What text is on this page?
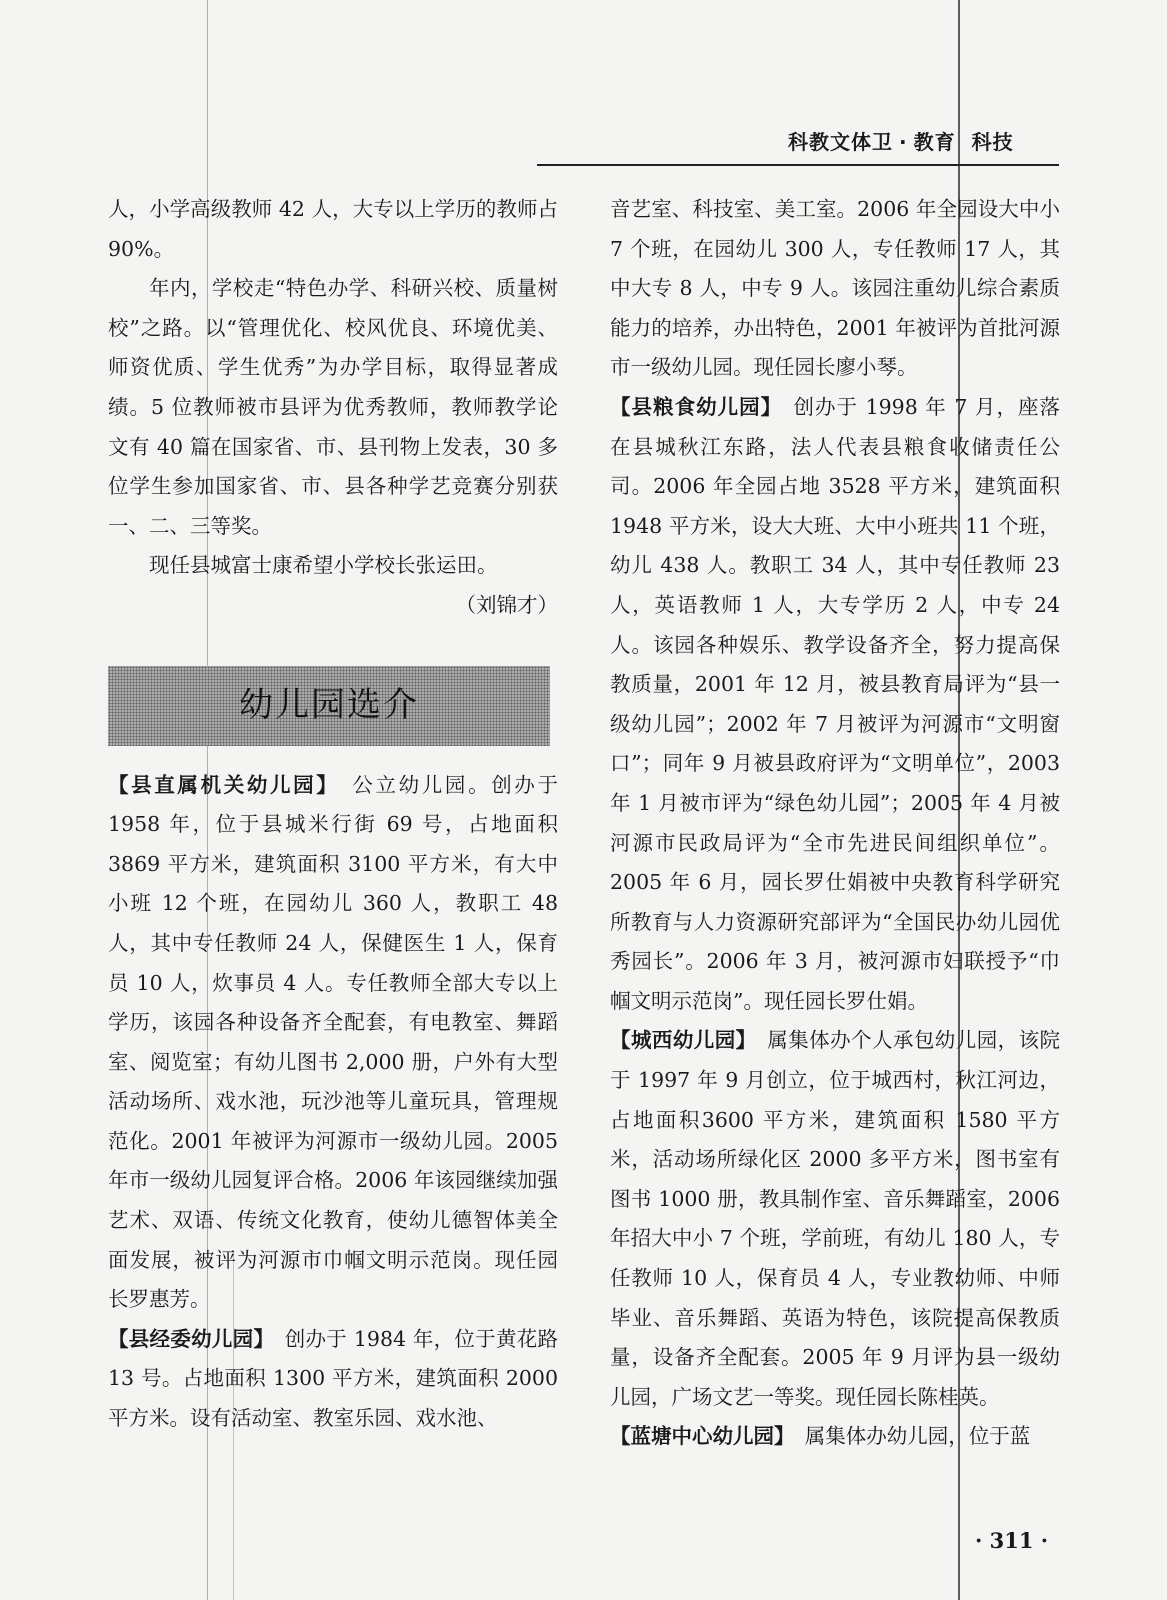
科教文体卫 · 教育 科技

人，小学高级教师 42 人，大专以上学历的教师占 90%。

年内，学校走“特色办学、科研兴校、质量树校”之路。以“管理优化、校风优良、环境优美、师资优质、学生优秀”为办学目标，取得显著成绩。5 位教师被市县评为优秀教师，教师教学论文有 40 篇在国家省、市、县刊物上发表，30 多位学生参加国家省、市、县各种学艺竞赛分别获一、二、三等奖。

现任县城富士康希望小学校长张运田。

（刘锦才）

幼儿园选介

【县直属机关幼儿园】　公立幼儿园。创办于 1958 年，位于县城米行街 69 号，占地面积3869 平方米，建筑面积 3100 平方米，有大中小班 12 个班，在园幼儿 360 人，教职工 48 人，其中专任教师 24 人，保健医生 1 人，保育员 10 人，炊事员 4 人。专任教师全部大专以上学历，该园各种设备齐全配套，有电教室、舞蹈室、阅览室；有幼儿图书 2,000 册，户外有大型活动场所、戏水池，玩沙池等儿童玩具，管理规范化。2001 年被评为河源市一级幼儿园。2005 年市一级幼儿园复评合格。2006 年该园继续加强艺术、双语、传统文化教育，使幼儿德智体美全面发展，被评为河源市巾帼文明示范岗。现任园长罗惠芳。

【县经委幼儿园】　创办于 1984 年，位于黄花路 13 号。占地面积 1300 平方米，建筑面积 2000 平方米。设有活动室、教室乐园、戏水池、

音艺室、科技室、美工室。2006 年全园设大中小 7 个班，在园幼儿 300 人，专任教师 17 人，其中大专 8 人，中专 9 人。该园注重幼儿综合素质能力的培养，办出特色，2001 年被评为首批河源市一级幼儿园。现任园长廖小琴。

【县粮食幼儿园】　创办于 1998 年 7 月，座落在县城秋江东路，法人代表县粮食收储责任公司。2006 年全园占地 3528 平方米，建筑面积 1948 平方米，设大大班、大中小班共 11 个班，幼儿 438 人。教职工 34 人，其中专任教师 23 人，英语教师 1 人，大专学历 2 人，中专 24 人。该园各种娱乐、教学设备齐全，努力提高保教质量，2001 年 12 月，被县教育局评为“县一级幼儿园”；2002 年 7 月被评为河源市“文明窗口”；同年 9 月被县政府评为“文明单位”，2003 年 1 月被市评为“绿色幼儿园”；2005 年 4 月被河源市民政局评为“全市先进民间组织单位”。2005 年 6 月，园长罗仕娟被中央教育科学研究所教育与人力资源研究部评为“全国民办幼儿园优秀园长”。2006 年 3 月，被河源市妇联授予“巾帼文明示范岗”。现任园长罗仕娟。

【城西幼儿园】　属集体办个人承包幼儿园，该院于 1997 年 9 月创立，位于城西村，秋江河边，占地面积3600 平方米，建筑面积 1580 平方米，活动场所绿化区 2000 多平方米，图书室有图书 1000 册，教具制作室、音乐舞蹈室，2006 年招大中小 7 个班，学前班，有幼儿 180 人，专任教师 10 人，保育员 4 人，专业教幼师、中师毕业、音乐舞蹈、英语为特色，该院提高保教质量，设备齐全配套。2005 年 9 月评为县一级幼儿园，广场文艺一等奖。现任园长陈桂英。

【蓝塘中心幼儿园】　属集体办幼儿园，位于蓝

· 311 ·
